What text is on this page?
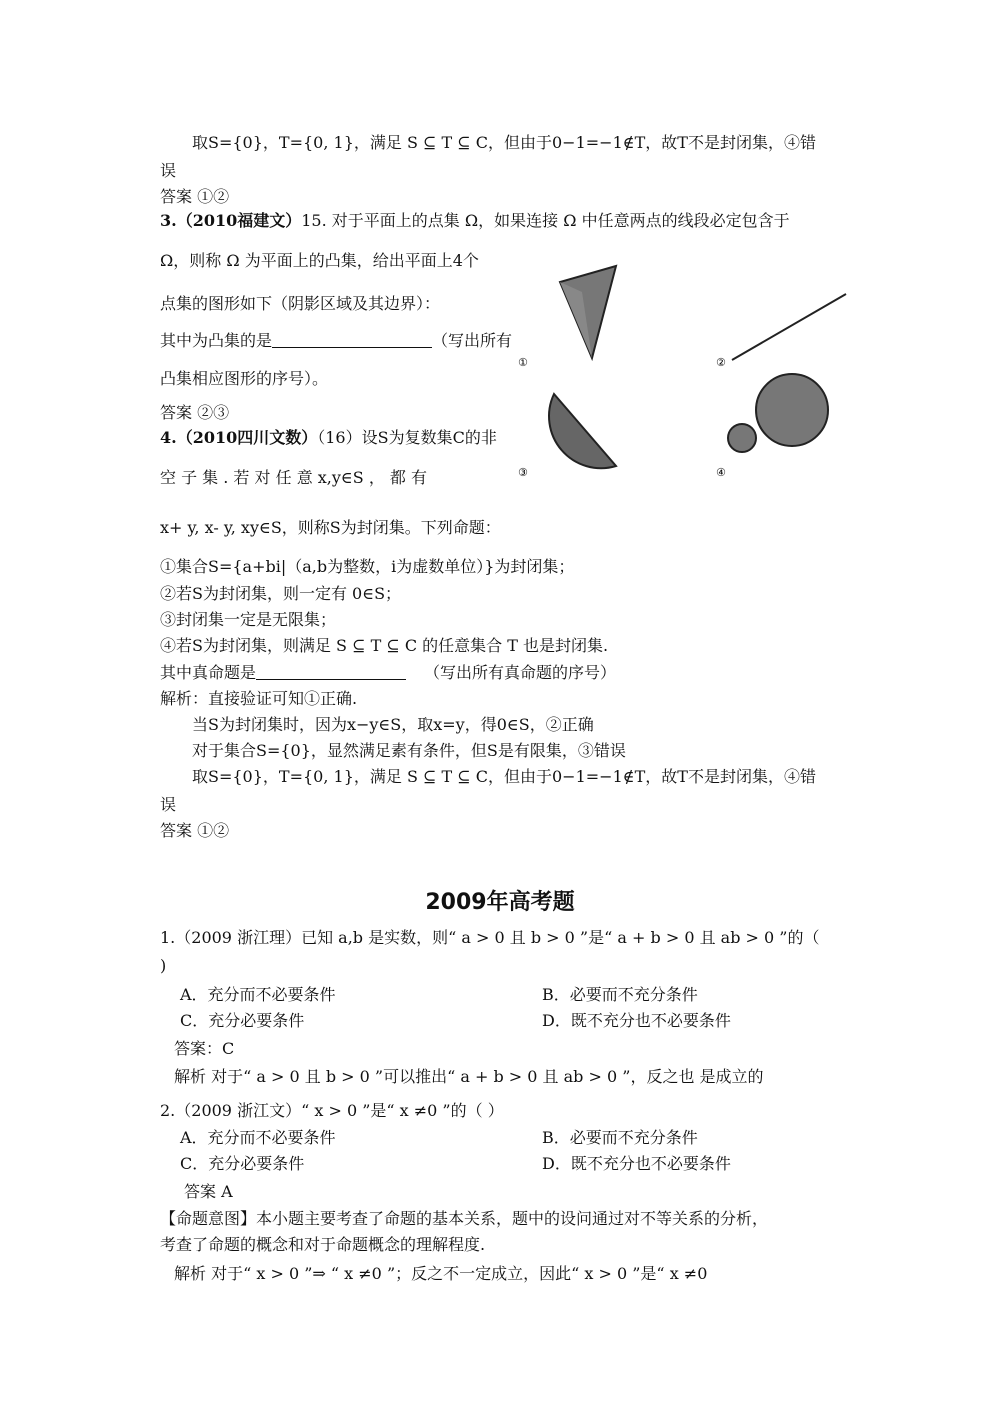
取S={0}，T={0, 1}，满足 S ⊆ T ⊆ C，但由于0−1=−1∉T，故T不是封闭集，④错
误
答案 ①②
3.（2010福建文）15. 对于平面上的点集 Ω，如果连接 Ω 中任意两点的线段必定包含于
Ω，则称 Ω 为平面上的凸集，给出平面上4个
点集的图形如下（阴影区域及其边界）：
其中为凸集的是	（写出所有
凸集相应图形的序号）。
答案 ②③
①	②
③	④
4.（2010四川文数）（16）设S为复数集C的非
空 子 集 . 若 对 任 意 x,y∈S ， 都 有
x+ y, x- y, xy∈S，则称S为封闭集。下列命题：
①集合S={a+bi|（a,b为整数，i为虚数单位）}为封闭集；
②若S为封闭集，则一定有 0∈S；
③封闭集一定是无限集；
④若S为封闭集，则满足 S ⊆ T ⊆ C 的任意集合 T 也是封闭集.
其中真命题是	（写出所有真命题的序号）
解析：直接验证可知①正确.
当S为封闭集时，因为x−y∈S，取x=y，得0∈S，②正确
对于集合S={0}，显然满足素有条件，但S是有限集，③错误
取S={0}，T={0, 1}，满足 S ⊆ T ⊆ C，但由于0−1=−1∉T，故T不是封闭集，④错
误
答案 ①②
2009年高考题
1.（2009 浙江理）已知 a,b 是实数，则“ a > 0 且 b > 0 ”是“ a + b > 0 且 ab > 0 ”的（
)
A．充分而不必要条件	B．必要而不充分条件
C．充分必要条件	D．既不充分也不必要条件
答案：C
解析 对于“ a > 0 且 b > 0 ”可以推出“ a + b > 0 且 ab > 0 ”，反之也 是成立的
2.（2009 浙江文）“ x > 0 ”是“ x ≠0 ”的（ ）
A．充分而不必要条件	B．必要而不充分条件
C．充分必要条件	D．既不充分也不必要条件
答案 A
【命题意图】本小题主要考查了命题的基本关系，题中的设问通过对不等关系的分析，
考查了命题的概念和对于命题概念的理解程度.
解析 对于“ x > 0 ”⇒ “ x ≠0 ”；反之不一定成立，因此“ x > 0 ”是“ x ≠0
